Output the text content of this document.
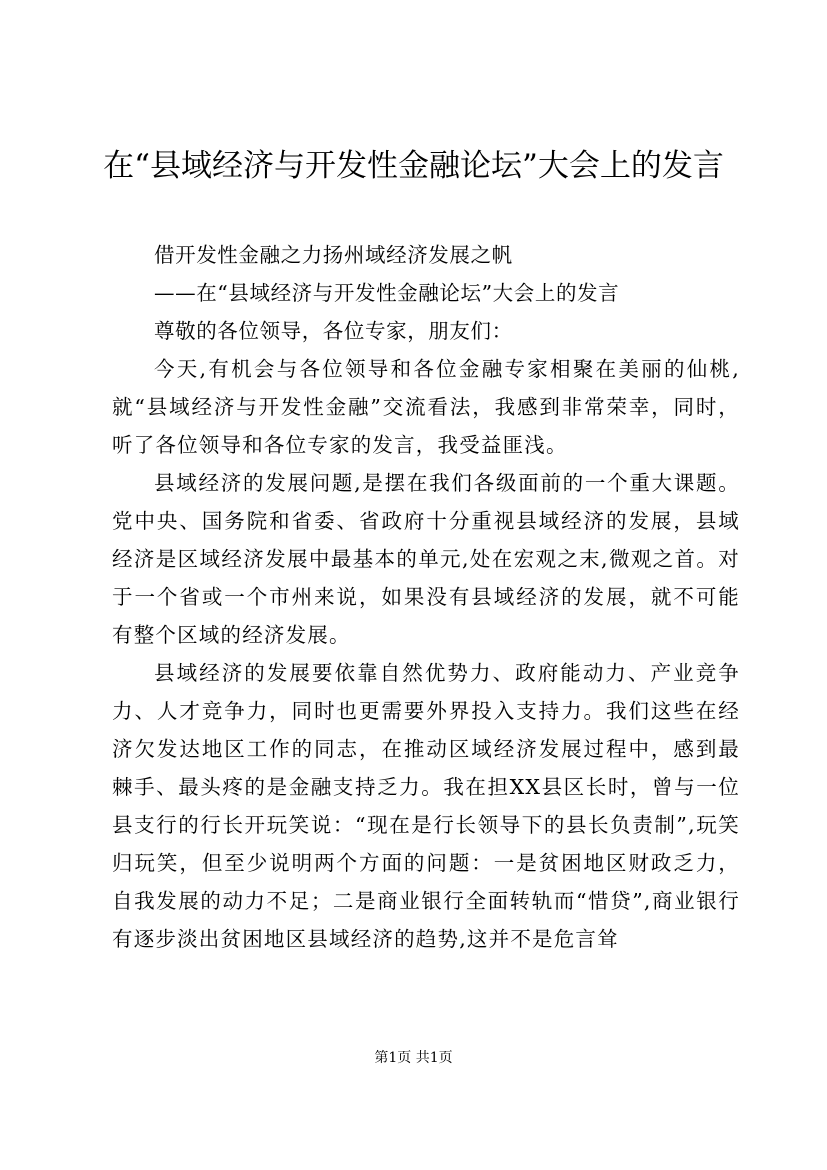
在“县域经济与开发性金融论坛”大会上的发言

借开发性金融之力扬州域经济发展之帆

——在“县域经济与开发性金融论坛”大会上的发言

尊敬的各位领导，各位专家，朋友们：

今天,有机会与各位领导和各位金融专家相聚在美丽的仙桃,就“县域经济与开发性金融”交流看法，我感到非常荣幸，同时，听了各位领导和各位专家的发言，我受益匪浅。

县域经济的发展问题,是摆在我们各级面前的一个重大课题。党中央、国务院和省委、省政府十分重视县域经济的发展，县域经济是区域经济发展中最基本的单元,处在宏观之末,微观之首。对于一个省或一个市州来说，如果没有县域经济的发展，就不可能有整个区域的经济发展。

县域经济的发展要依靠自然优势力、政府能动力、产业竞争力、人才竞争力，同时也更需要外界投入支持力。我们这些在经济欠发达地区工作的同志，在推动区域经济发展过程中，感到最棘手、最头疼的是金融支持乏力。我在担XX县区长时，曾与一位县支行的行长开玩笑说：“现在是行长领导下的县长负责制”,玩笑归玩笑，但至少说明两个方面的问题：一是贫困地区财政乏力，自我发展的动力不足；二是商业银行全面转轨而“惜贷”,商业银行有逐步淡出贫困地区县域经济的趋势,这并不是危言耸

第1页 共1页
